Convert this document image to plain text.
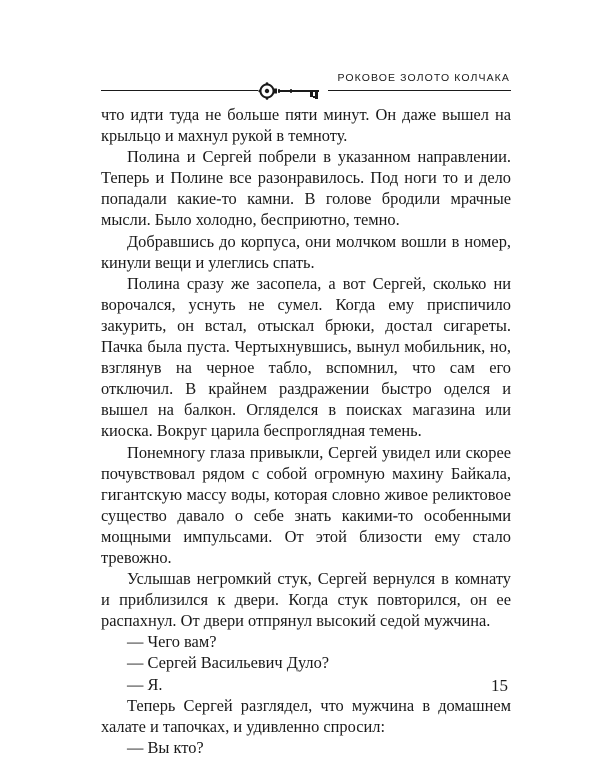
РОКОВОЕ ЗОЛОТО КОЛЧАКА

что идти туда не больше пяти минут. Он даже вышел на крыльцо и махнул рукой в темноту.

Полина и Сергей побрели в указанном направлении. Теперь и Полине все разонравилось. Под ноги то и дело попадали какие-то камни. В голове бродили мрачные мысли. Было холодно, бесприютно, темно.

Добравшись до корпуса, они молчком вошли в номер, кинули вещи и улеглись спать.

Полина сразу же засопела, а вот Сергей, сколько ни ворочался, уснуть не сумел. Когда ему приспичило закурить, он встал, отыскал брюки, достал сигареты. Пачка была пуста. Чертыхнувшись, вынул мобильник, но, взглянув на черное табло, вспомнил, что сам его отключил. В крайнем раздражении быстро оделся и вышел на балкон. Огляделся в поисках магазина или киоска. Вокруг царила беспроглядная темень.

Понемногу глаза привыкли, Сергей увидел или скорее почувствовал рядом с собой огромную махину Байкала, гигантскую массу воды, которая словно живое реликтовое существо давало о себе знать какими-то особенными мощными импульсами. От этой близости ему стало тревожно.

Услышав негромкий стук, Сергей вернулся в комнату и приблизился к двери. Когда стук повторился, он ее распахнул. От двери отпрянул высокий седой мужчина.

— Чего вам?

— Сергей Васильевич Дуло?

— Я.

Теперь Сергей разглядел, что мужчина в домашнем халате и тапочках, и удивленно спросил:

— Вы кто?

15
